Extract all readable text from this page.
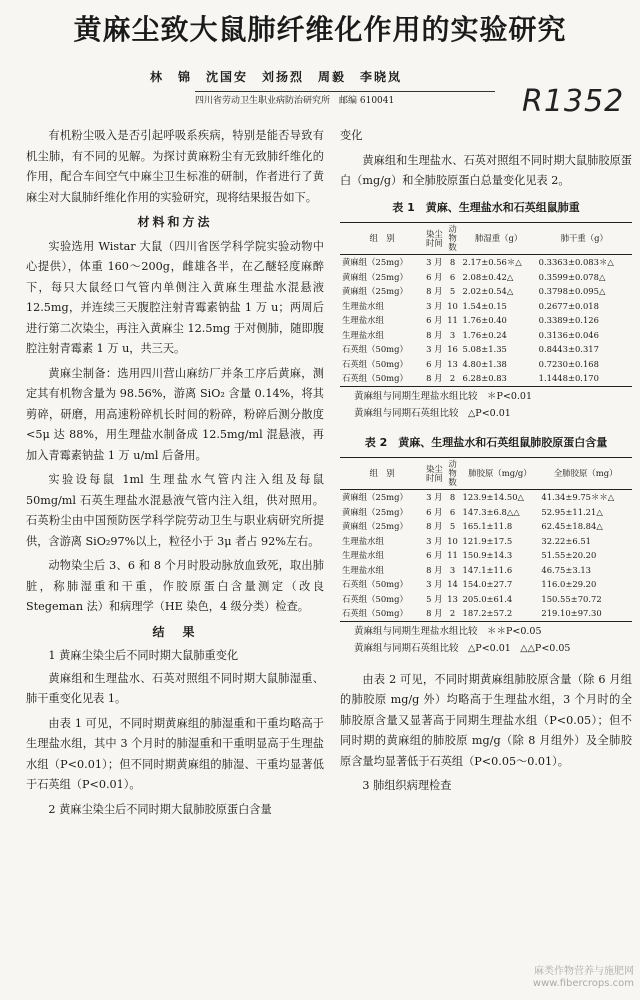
黄麻尘致大鼠肺纤维化作用的实验研究
林　锦　沈国安　刘扬烈　周毅　李晓岚
四川省劳动卫生职业病防治研究所　邮编 610041	R1352

有机粉尘吸入是否引起呼吸系疾病，特别是能否导致有机尘肺，有不同的见解。为探讨黄麻粉尘有无致肺纤维化的作用，配合车间空气中麻尘卫生标准的研制，作者进行了黄麻尘对大鼠肺纤维化作用的实验研究，现将结果报告如下。

材料和方法

实验选用 Wistar 大鼠（四川省医学科学院实验动物中心提供），体重 160～200g，雌雄各半，在乙醚轻度麻醉下，每只大鼠经口气管内单侧注入黄麻生理盐水混悬液 12.5mg，并连续三天腹腔注射青霉素钠盐 1 万 u；两周后进行第二次染尘，再注入黄麻尘 12.5mg 于对侧肺，随即腹腔注射青霉素 1 万 u，共三天。

黄麻尘制备：选用四川营山麻纺厂并条工序后黄麻，测定其有机物含量为 98.56%，游离 SiO₂ 含量 0.14%，将其剪碎，研磨，用高速粉碎机长时间的粉碎，粉碎后测分散度<5μ 达 88%，用生理盐水制备成 12.5mg/ml 混悬液，再加入青霉素钠盐 1 万 u/ml 后备用。

实验设每鼠 1ml 生理盐水气管内注入组及每鼠 50mg/ml 石英生理盐水混悬液气管内注入组，供对照用。石英粉尘由中国预防医学科学院劳动卫生与职业病研究所提供，含游离 SiO₂97%以上，粒径小于 3μ 者占 92%左右。

动物染尘后 3、6 和 8 个月时股动脉放血致死，取出肺脏，称肺湿重和干重，作胶原蛋白含量测定（改良 Stegeman 法）和病理学（HE 染色，4 级分类）检查。

结　果

1 黄麻尘染尘后不同时期大鼠肺重变化

黄麻组和生理盐水、石英对照组不同时期大鼠肺湿重、肺干重变化见表 1。

由表 1 可见，不同时期黄麻组的肺湿重和干重均略高于生理盐水组，其中 3 个月时的肺湿重和干重明显高于生理盐水组（P<0.01）；但不同时期黄麻组的肺湿、干重均显著低于石英组（P<0.01）。

2 黄麻尘染尘后不同时期大鼠肺胶原蛋白含量

变化

黄麻组和生理盐水、石英对照组不同时期大鼠肺胶原蛋白（mg/g）和全肺胶原蛋白总量变化见表 2。

表 1　黄麻、生理盐水和石英组鼠肺重
组　别	染尘时间	动物数	肺湿重（g）	肺干重（g）
黄麻组（25mg）	3 月	8	2.17±0.56＊△	0.3363±0.083＊△
黄麻组（25mg）	6 月	6	2.08±0.42△	0.3599±0.078△
黄麻组（25mg）	8 月	5	2.02±0.54△	0.3798±0.095△
生理盐水组	3 月	10	1.54±0.15	0.2677±0.018
生理盐水组	6 月	11	1.76±0.40	0.3389±0.126
生理盐水组	8 月	3	1.76±0.24	0.3136±0.046
石英组（50mg）	3 月	16	5.08±1.35	0.8443±0.317
石英组（50mg）	6 月	13	4.80±1.38	0.7230±0.168
石英组（50mg）	8 月	2	6.28±0.83	1.1448±0.170
黄麻组与同期生理盐水组比较　＊P<0.01
黄麻组与同期石英组比较　△P<0.01
表 2　黄麻、生理盐水和石英组鼠肺胶原蛋白含量
组　别	染尘时间	动物数	肺胶原（mg/g）	全肺胶原（mg）
黄麻组（25mg）	3 月	8	123.9±14.50△	41.34±9.75＊＊△
黄麻组（25mg）	6 月	6	147.3±6.8△△	52.95±11.21△
黄麻组（25mg）	8 月	5	165.1±11.8	62.45±18.84△
生理盐水组	3 月	10	121.9±17.5	32.22±6.51
生理盐水组	6 月	11	150.9±14.3	51.55±20.20
生理盐水组	8 月	3	147.1±11.6	46.75±3.13
石英组（50mg）	3 月	14	154.0±27.7	116.0±29.20
石英组（50mg）	5 月	13	205.0±61.4	150.55±70.72
石英组（50mg）	8 月	2	187.2±57.2	219.10±97.30
黄麻组与同期生理盐水组比较　＊＊P<0.05
黄麻组与同期石英组比较　△P<0.01　△△P<0.05

由表 2 可见，不同时期黄麻组肺胶原含量（除 6 月组的肺胶原 mg/g 外）均略高于生理盐水组，3 个月时的全肺胶原含量又显著高于同期生理盐水组（P<0.05）；但不同时期的黄麻组的肺胶原 mg/g（除 8 月组外）及全肺胶原含量均显著低于石英组（P<0.05～0.01）。

3 肺组织病理检查

麻类作物营养与施肥网
www.fibercrops.com
